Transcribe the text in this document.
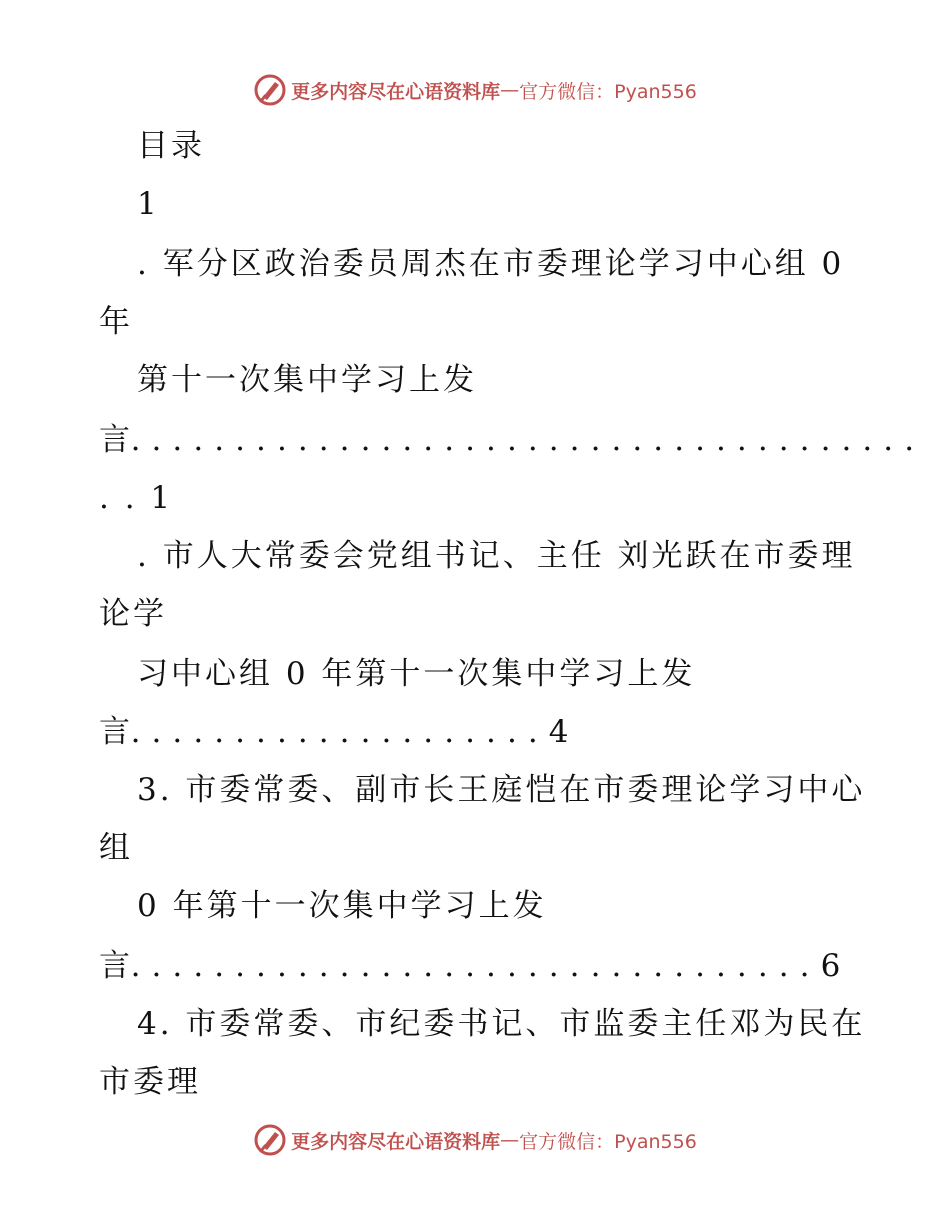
更多内容尽在心语资料库 — 官方微信：Pyan556
目录
1
. 军分区政治委员周杰在市委理论学习中心组 0
年
第十一次集中学习上发
言. . . . . . . . . . . . . . . . . . . . . . . . . . . . . . . . . . . . . .
. . 1
. 市人大常委会党组书记、主任 刘光跃在市委理
论学
习中心组 0 年第十一次集中学习上发
言. . . . . . . . . . . . . . . . . . . . 4
3. 市委常委、副市长王庭恺在市委理论学习中心
组
0 年第十一次集中学习上发
言. . . . . . . . . . . . . . . . . . . . . . . . . . . . . . . . . 6
4. 市委常委、市纪委书记、市监委主任邓为民在
市委理
更多内容尽在心语资料库 — 官方微信：Pyan556
